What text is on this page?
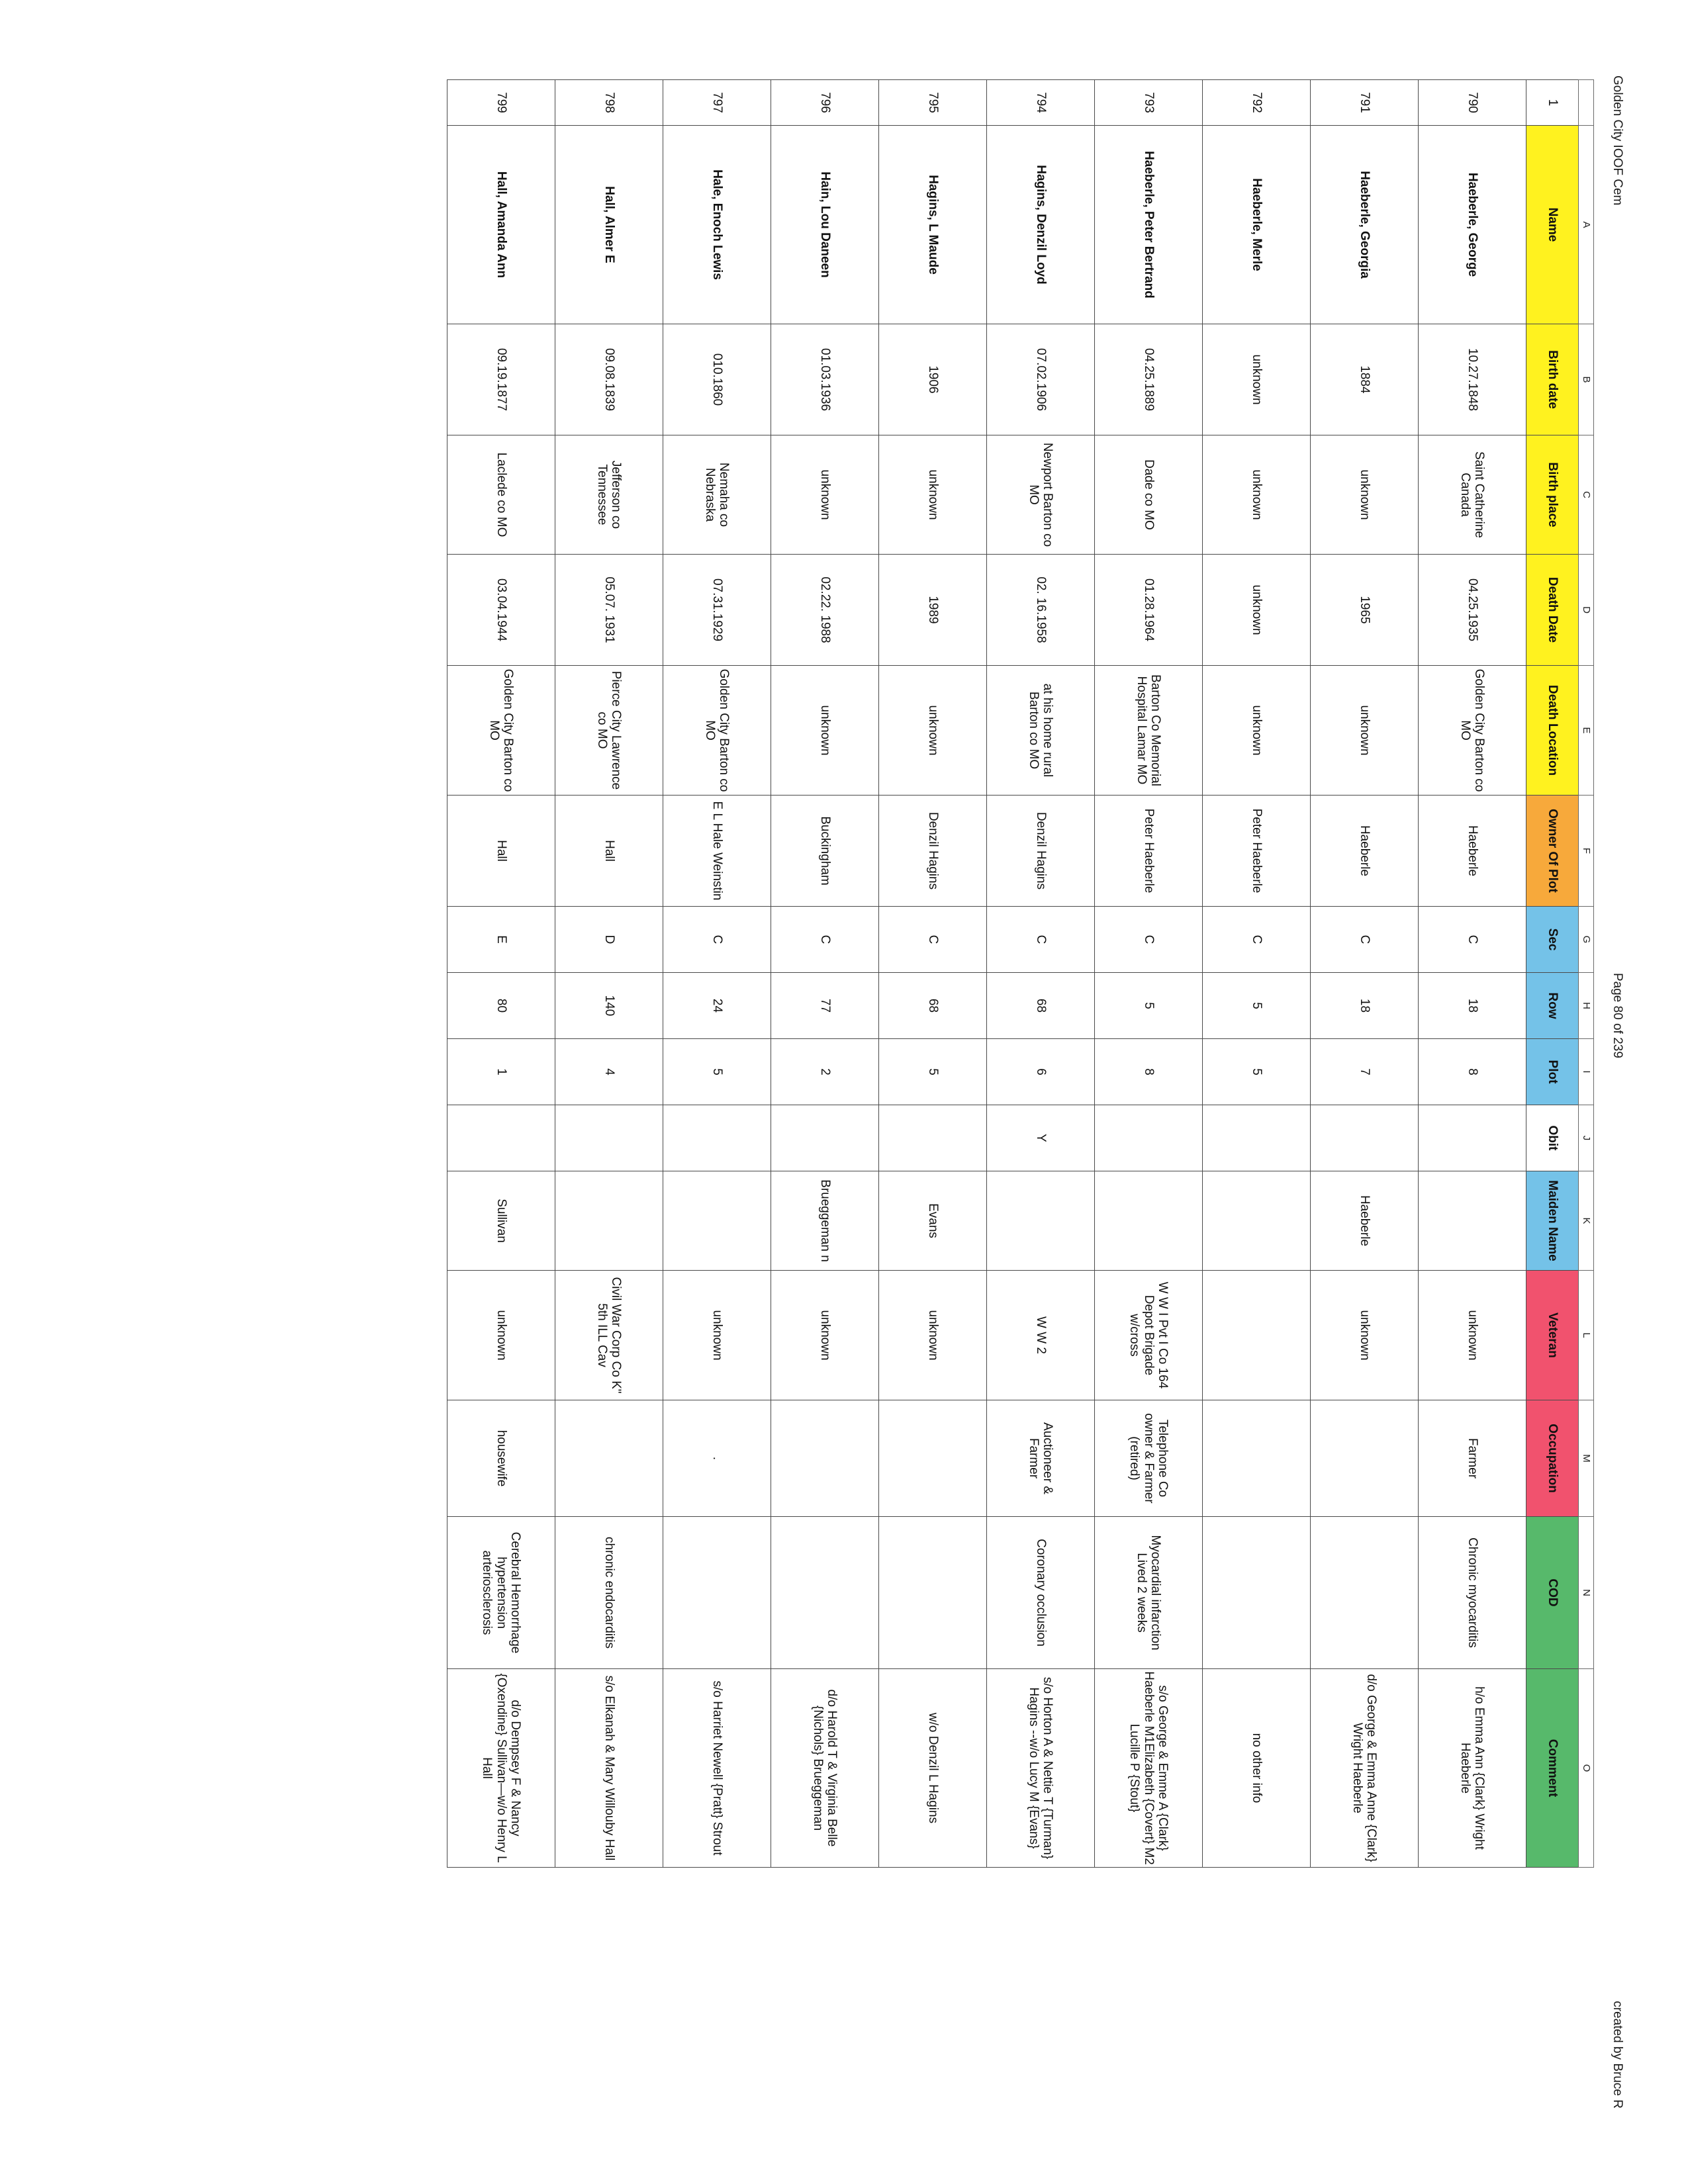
Golden City IOOF Cem
Page 80 of 239
created by Bruce R
	A	B	C	D	E	F	G	H	I	J	K	L	M	N	O
1	Name	Birth date	Birth place	Death Date	Death Location	Owner Of Plot	Sec	Row	Plot	Obit	Maiden Name	Veteran	Occupation	COD	Comment
790	Haeberle, George	10.27.1848	Saint Catherine Canada	04.25.1935	Golden City Barton co MO	Haeberle	C	18	8			unknown	Farmer	Chronic myocarditis	h/o Emma Ann {Clark} Wright Haeberle
791	Haeberle, Georgia	1884	unknown	1965	unknown	Haeberle	C	18	7		Haeberle	unknown			d/o George & Emma Anne {Clark} Wright Haeberle
792	Haeberle, Merle	unknown	unknown	unknown	unknown	Peter Haeberle	C	5	5						no other info
793	Haeberle, Peter Bertrand	04.25.1889	Dade co MO	01.28.1964	Barton Co Memorial Hospital Lamar MO	Peter Haeberle	C	5	8			W W I Pvt I Co 164 Depot Brigade w/cross	Telephone Co owner & Farmer (retired)	Myocardial infarction Lived 2 weeks	s/o George & Emme A {Clark} Haeberle M1Elizabeth {Covert} M2 Lucille P {Stout}
794	Hagins, Denzil Loyd	07.02.1906	Newport Barton co MO	02. 16.1958	at his home rural Barton co MO	Denzil Hagins	C	68	6	Y		W W 2	Auctioneer & Farmer	Coronary occlusion	s/o Horton A & Nettie T {Turman} Hagins --w/o Lucy M {Evans}
795	Hagins, L Maude	1906	unknown	1989	unknown	Denzil Hagins	C	68	5		Evans	unknown			w/o Denzil L Hagins
796	Hain, Lou Daneen	01.03.1936	unknown	02.22. 1988	unknown	Buckingham	C	77	2		Brueggeman n	unknown			d/o Harold T & Virginia Belle {Nichols} Brueggeman
797	Hale, Enoch Lewis	010.1860	Nemaha co Nebraska	07.31.1929	Golden City Barton co MO	E L Hale Weinstin	C	24	5			unknown	.		s/o Harriet Newell {Pratt} Strout
798	Hall, Almer E	09.08.1839	Jefferson co Tennessee	05.07. 1931	Pierce City Lawrence co MO	Hall	D	140	4			Civil War Corp Co K" 5th ILL Cav		chronic endocarditis	s/o Elkanah & Mary Willouby Hall
799	Hall, Amanda Ann	09.19.1877	Laclede co MO	03.04.1944	Golden City Barton co MO	Hall	E	80	1		Sullivan	unknown	housewife	Cerebral Hemorrhage hypertension arteriosclerosis	d/o Dempsey F & Nancy {Oxendine} Sullivan—w/o Henry L Hall
